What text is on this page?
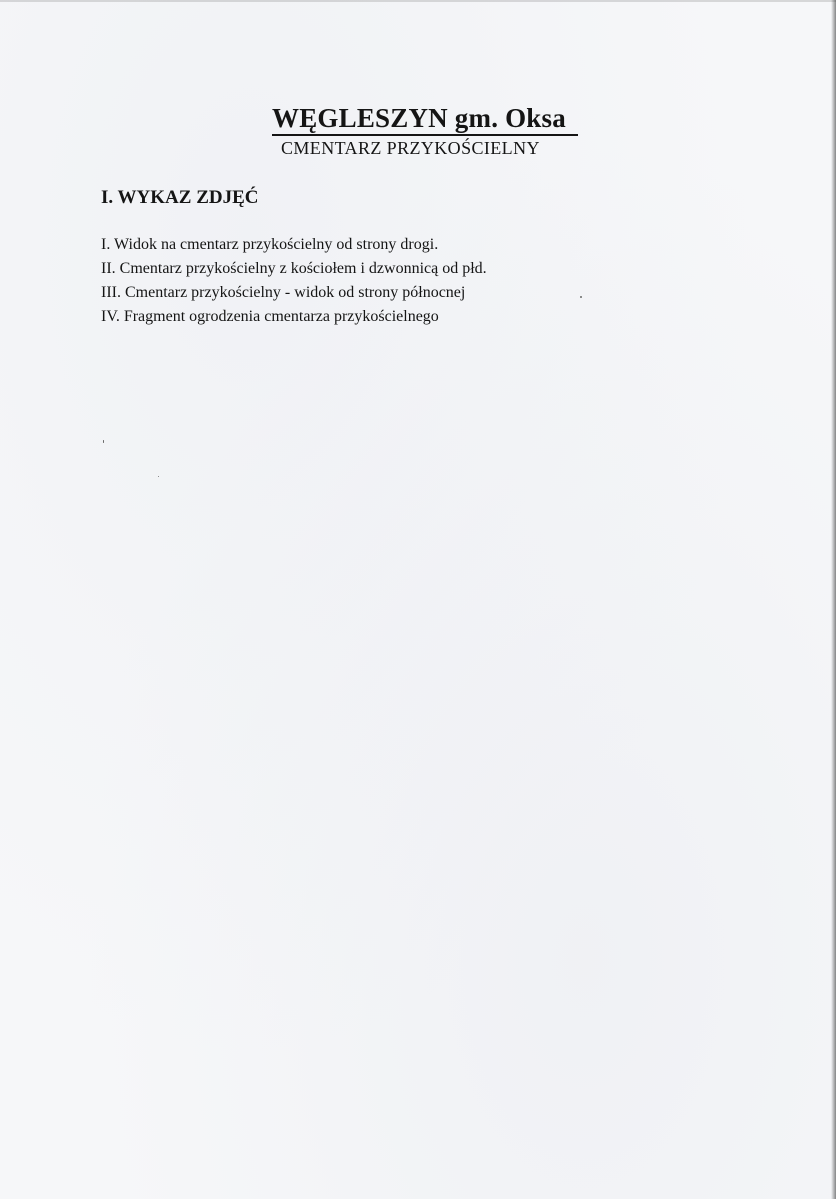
WĘGLESZYN gm. Oksa
CMENTARZ PRZYKOŚCIELNY
I. WYKAZ ZDJĘĆ
I. Widok na cmentarz przykościelny od strony drogi.
II. Cmentarz przykościelny z kościołem i dzwonnicą od płd.
III. Cmentarz przykościelny - widok od strony północnej
IV. Fragment ogrodzenia cmentarza przykościelnego
